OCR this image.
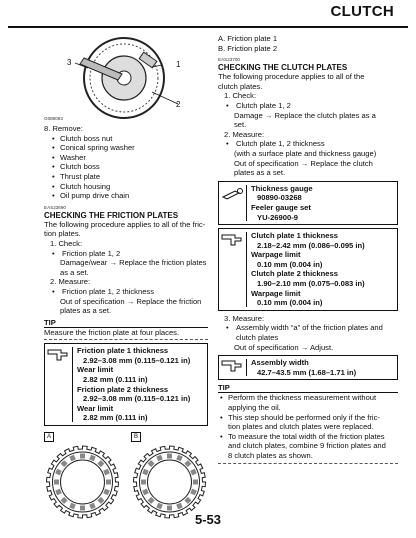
CLUTCH
3	1
2
G088093

8. Remove:

• Clutch boss nut
• Conical spring washer
• Washer
• Clutch boss
• Thrust plate
• Clutch housing
• Oil pump drive chain
EAS23690
CHECKING THE FRICTION PLATES

The following procedure applies to all of the fric-
tion plates.

1. Check:

• Friction plate 1, 2

Damage/wear → Replace the friction plates
as a set.

2. Measure:

• Friction plate 1, 2 thickness

Out of specification → Replace the friction
plates as a set.

TIP

Measure the friction plate at four places.

Friction plate 1 thickness
2.92–3.08 mm (0.115–0.121 in)
Wear limit
2.82 mm (0.111 in)
Friction plate 2 thickness
2.92–3.08 mm (0.115–0.121 in)
Wear limit
2.82 mm (0.111 in)
A	B

A. Friction plate 1

B. Friction plate 2

EAS23700
CHECKING THE CLUTCH PLATES

The following procedure applies to all of the
clutch plates.

1. Check:

• Clutch plate 1, 2

Damage → Replace the clutch plates as a
set.

2. Measure:

• Clutch plate 1, 2 thickness

(with a surface plate and thickness gauge)

Out of specification → Replace the clutch
plates as a set.

Thickness gauge
90890-03268
Feeler gauge set
YU-26900-9
Clutch plate 1 thickness
2.18–2.42 mm (0.086–0.095 in)
Warpage limit
0.10 mm (0.004 in)
Clutch plate 2 thickness
1.90–2.10 mm (0.075–0.083 in)
Warpage limit
0.10 mm (0.004 in)

3. Measure:

• Assembly width “a” of the friction plates and
clutch plates

Out of specification → Adjust.

Assembly width
42.7–43.5 mm (1.68–1.71 in)
TIP
• Perform the thickness measurement without
applying the oil.
• This step should be performed only if the fric-
tion plates and clutch plates were replaced.
• To measure the total width of the friction plates
and clutch plates, combine 9 friction plates and
8 clutch plates as shown.
5-53
